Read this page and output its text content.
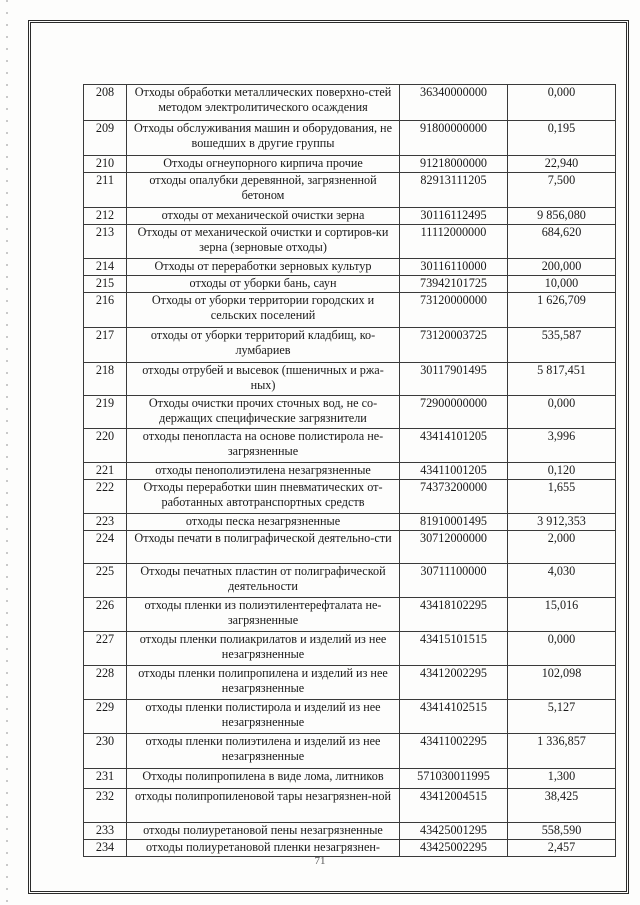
208	Отходы обработки металлических поверхно-стей методом электролитического осаждения	36340000000	0,000
209	Отходы обслуживания машин и оборудования, не вошедших в другие группы	91800000000	0,195
210	Отходы огнеупорного кирпича прочие	91218000000	22,940
211	отходы опалубки деревянной, загрязненной бетоном	82913111205	7,500
212	отходы от механической очистки зерна	30116112495	9 856,080
213	Отходы от механической очистки и сортиров-ки зерна (зерновые отходы)	11112000000	684,620
214	Отходы от переработки зерновых культур	30116110000	200,000
215	отходы от уборки бань, саун	73942101725	10,000
216	Отходы от уборки территории городских и сельских поселений	73120000000	1 626,709
217	отходы от уборки территорий кладбищ, ко-лумбариев	73120003725	535,587
218	отходы отрубей и высевок (пшеничных и ржа-ных)	30117901495	5 817,451
219	Отходы очистки прочих сточных вод, не со-держащих специфические загрязнители	72900000000	0,000
220	отходы пенопласта на основе полистирола не-загрязненные	43414101205	3,996
221	отходы пенополиэтилена незагрязненные	43411001205	0,120
222	Отходы переработки шин пневматических от-работанных автотранспортных средств	74373200000	1,655
223	отходы песка незагрязненные	81910001495	3 912,353
224	Отходы печати в полиграфической деятельно-сти	30712000000	2,000
225	Отходы печатных пластин от полиграфической деятельности	30711100000	4,030
226	отходы пленки из полиэтилентерефталата не-загрязненные	43418102295	15,016
227	отходы пленки полиакрилатов и изделий из нее незагрязненные	43415101515	0,000
228	отходы пленки полипропилена и изделий из нее незагрязненные	43412002295	102,098
229	отходы пленки полистирола и изделий из нее незагрязненные	43414102515	5,127
230	отходы пленки полиэтилена и изделий из нее незагрязненные	43411002295	1 336,857
231	Отходы полипропилена в виде лома, литников	571030011995	1,300
232	отходы полипропиленовой тары незагрязнен-ной	43412004515	38,425
233	отходы полиуретановой пены незагрязненные	43425001295	558,590
234	отходы полиуретановой пленки незагрязнен-	43425002295	2,457
71
